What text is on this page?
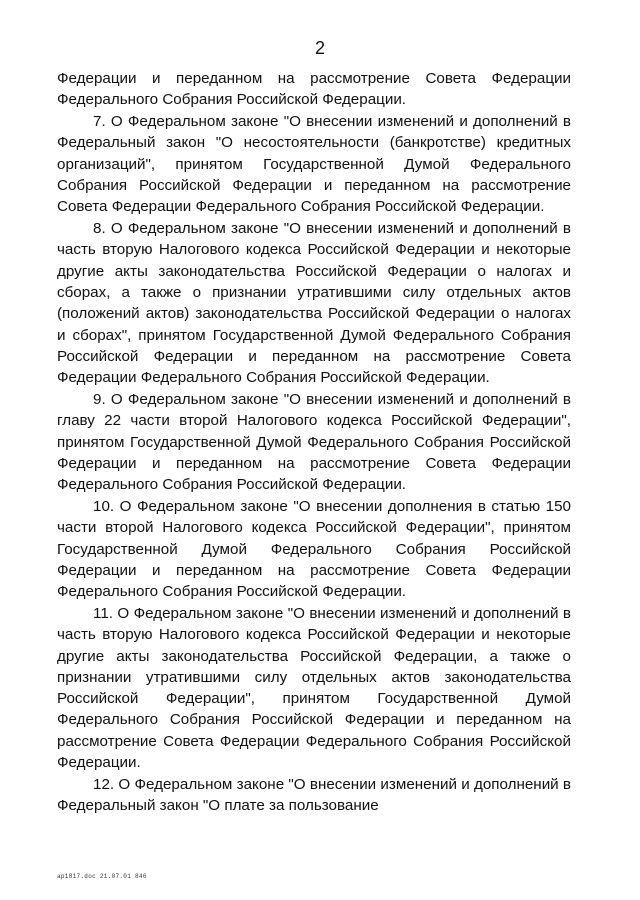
2

Федерации и переданном на рассмотрение Совета Федерации Федерального Собрания Российской Федерации.

7. О Федеральном законе "О внесении изменений и дополнений в Федеральный закон "О несостоятельности (банкротстве) кредитных организаций", принятом Государственной Думой Федерального Собрания Российской Федерации и переданном на рассмотрение Совета Федерации Федерального Собрания Российской Федерации.

8. О Федеральном законе "О внесении изменений и дополнений в часть вторую Налогового кодекса Российской Федерации и некоторые другие акты законодательства Российской Федерации о налогах и сборах, а также о признании утратившими силу отдельных актов (положений актов) законодательства Российской Федерации о налогах и сборах", принятом Государственной Думой Федерального Собрания Российской Федерации и переданном на рассмотрение Совета Федерации Федерального Собрания Российской Федерации.

9. О Федеральном законе "О внесении изменений и дополнений в главу 22 части второй Налогового кодекса Российской Федерации", принятом Государственной Думой Федерального Собрания Российской Федерации и переданном на рассмотрение Совета Федерации Федерального Собрания Российской Федерации.

10. О Федеральном законе "О внесении дополнения в статью 150 части второй Налогового кодекса Российской Федерации", принятом Государственной Думой Федерального Собрания Российской Федерации и переданном на рассмотрение Совета Федерации Федерального Собрания Российской Федерации.

11. О Федеральном законе "О внесении изменений и дополнений в часть вторую Налогового кодекса Российской Федерации и некоторые другие акты законодательства Российской Федерации, а также о признании утратившими силу отдельных актов законодательства Российской Федерации", принятом Государственной Думой Федерального Собрания Российской Федерации и переданном на рассмотрение Совета Федерации Федерального Собрания Российской Федерации.

12. О Федеральном законе "О внесении изменений и дополнений в Федеральный закон "О плате за пользование

ap1817.doc 21.07.01 846
